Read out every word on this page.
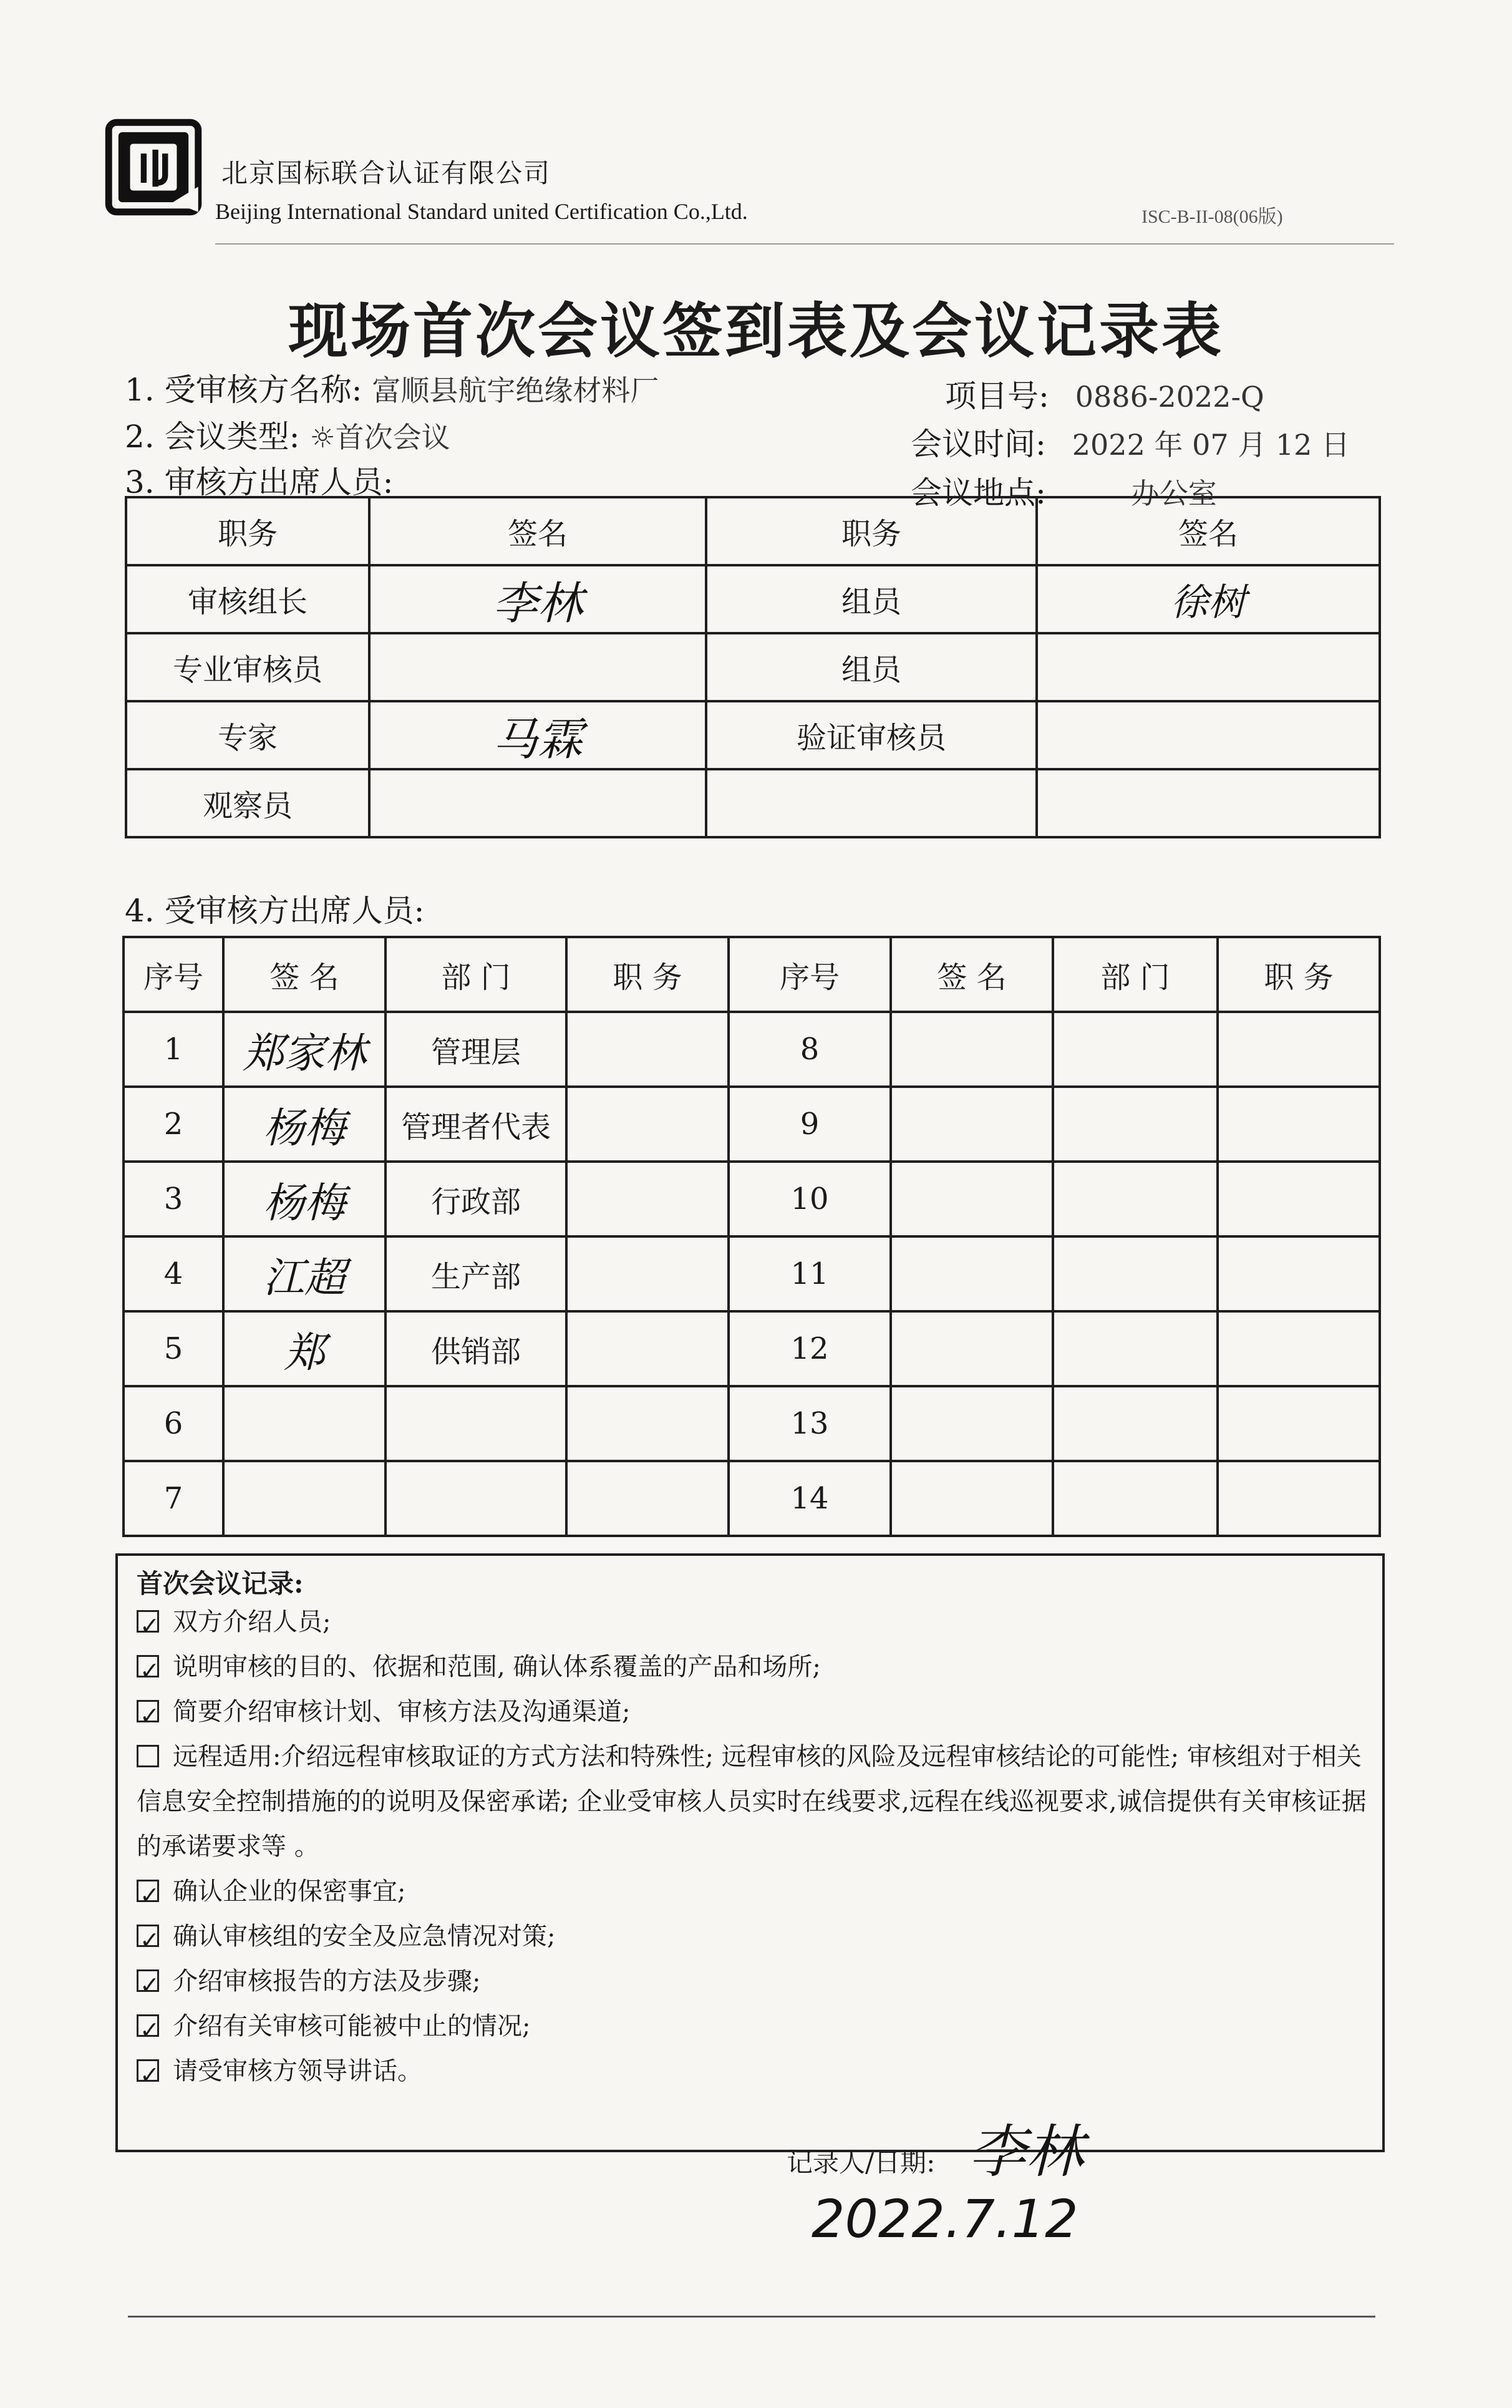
北京国标联合认证有限公司
Beijing International Standard united Certification Co.,Ltd.	ISC-B-II-08(06版)
现场首次会议签到表及会议记录表
1. 受审核方名称: 富顺县航宇绝缘材料厂	项目号: 0886-2022-Q
2. 会议类型: ☼首次会议	会议时间: 2022 年 07 月 12 日
3. 审核方出席人员:	会议地点:	办公室
职务	签名	职务	签名
审核组长	李林	组员	徐树
专业审核员		组员	
专家	马霖	验证审核员	
观察员			
4. 受审核方出席人员:
序号	签 名	部 门	职 务	序号	签 名	部 门	职 务
1	郑家林	管理层		8			
2	杨梅	管理者代表		9			
3	杨梅	行政部		10			
4	江超	生产部		11			
5	郑	供销部		12			
6				13			
7				14			
首次会议记录:
✓双方介绍人员;
✓说明审核的目的、依据和范围, 确认体系覆盖的产品和场所;
✓简要介绍审核计划、审核方法及沟通渠道;
远程适用:介绍远程审核取证的方式方法和特殊性; 远程审核的风险及远程审核结论的可能性; 审核组对于相关信息安全控制措施的的说明及保密承诺; 企业受审核人员实时在线要求,远程在线巡视要求,诚信提供有关审核证据的承诺要求等 。
✓确认企业的保密事宜;
✓确认审核组的安全及应急情况对策;
✓介绍审核报告的方法及步骤;
✓介绍有关审核可能被中止的情况;
✓请受审核方领导讲话。
记录人/日期: 李林 2022.7.12
